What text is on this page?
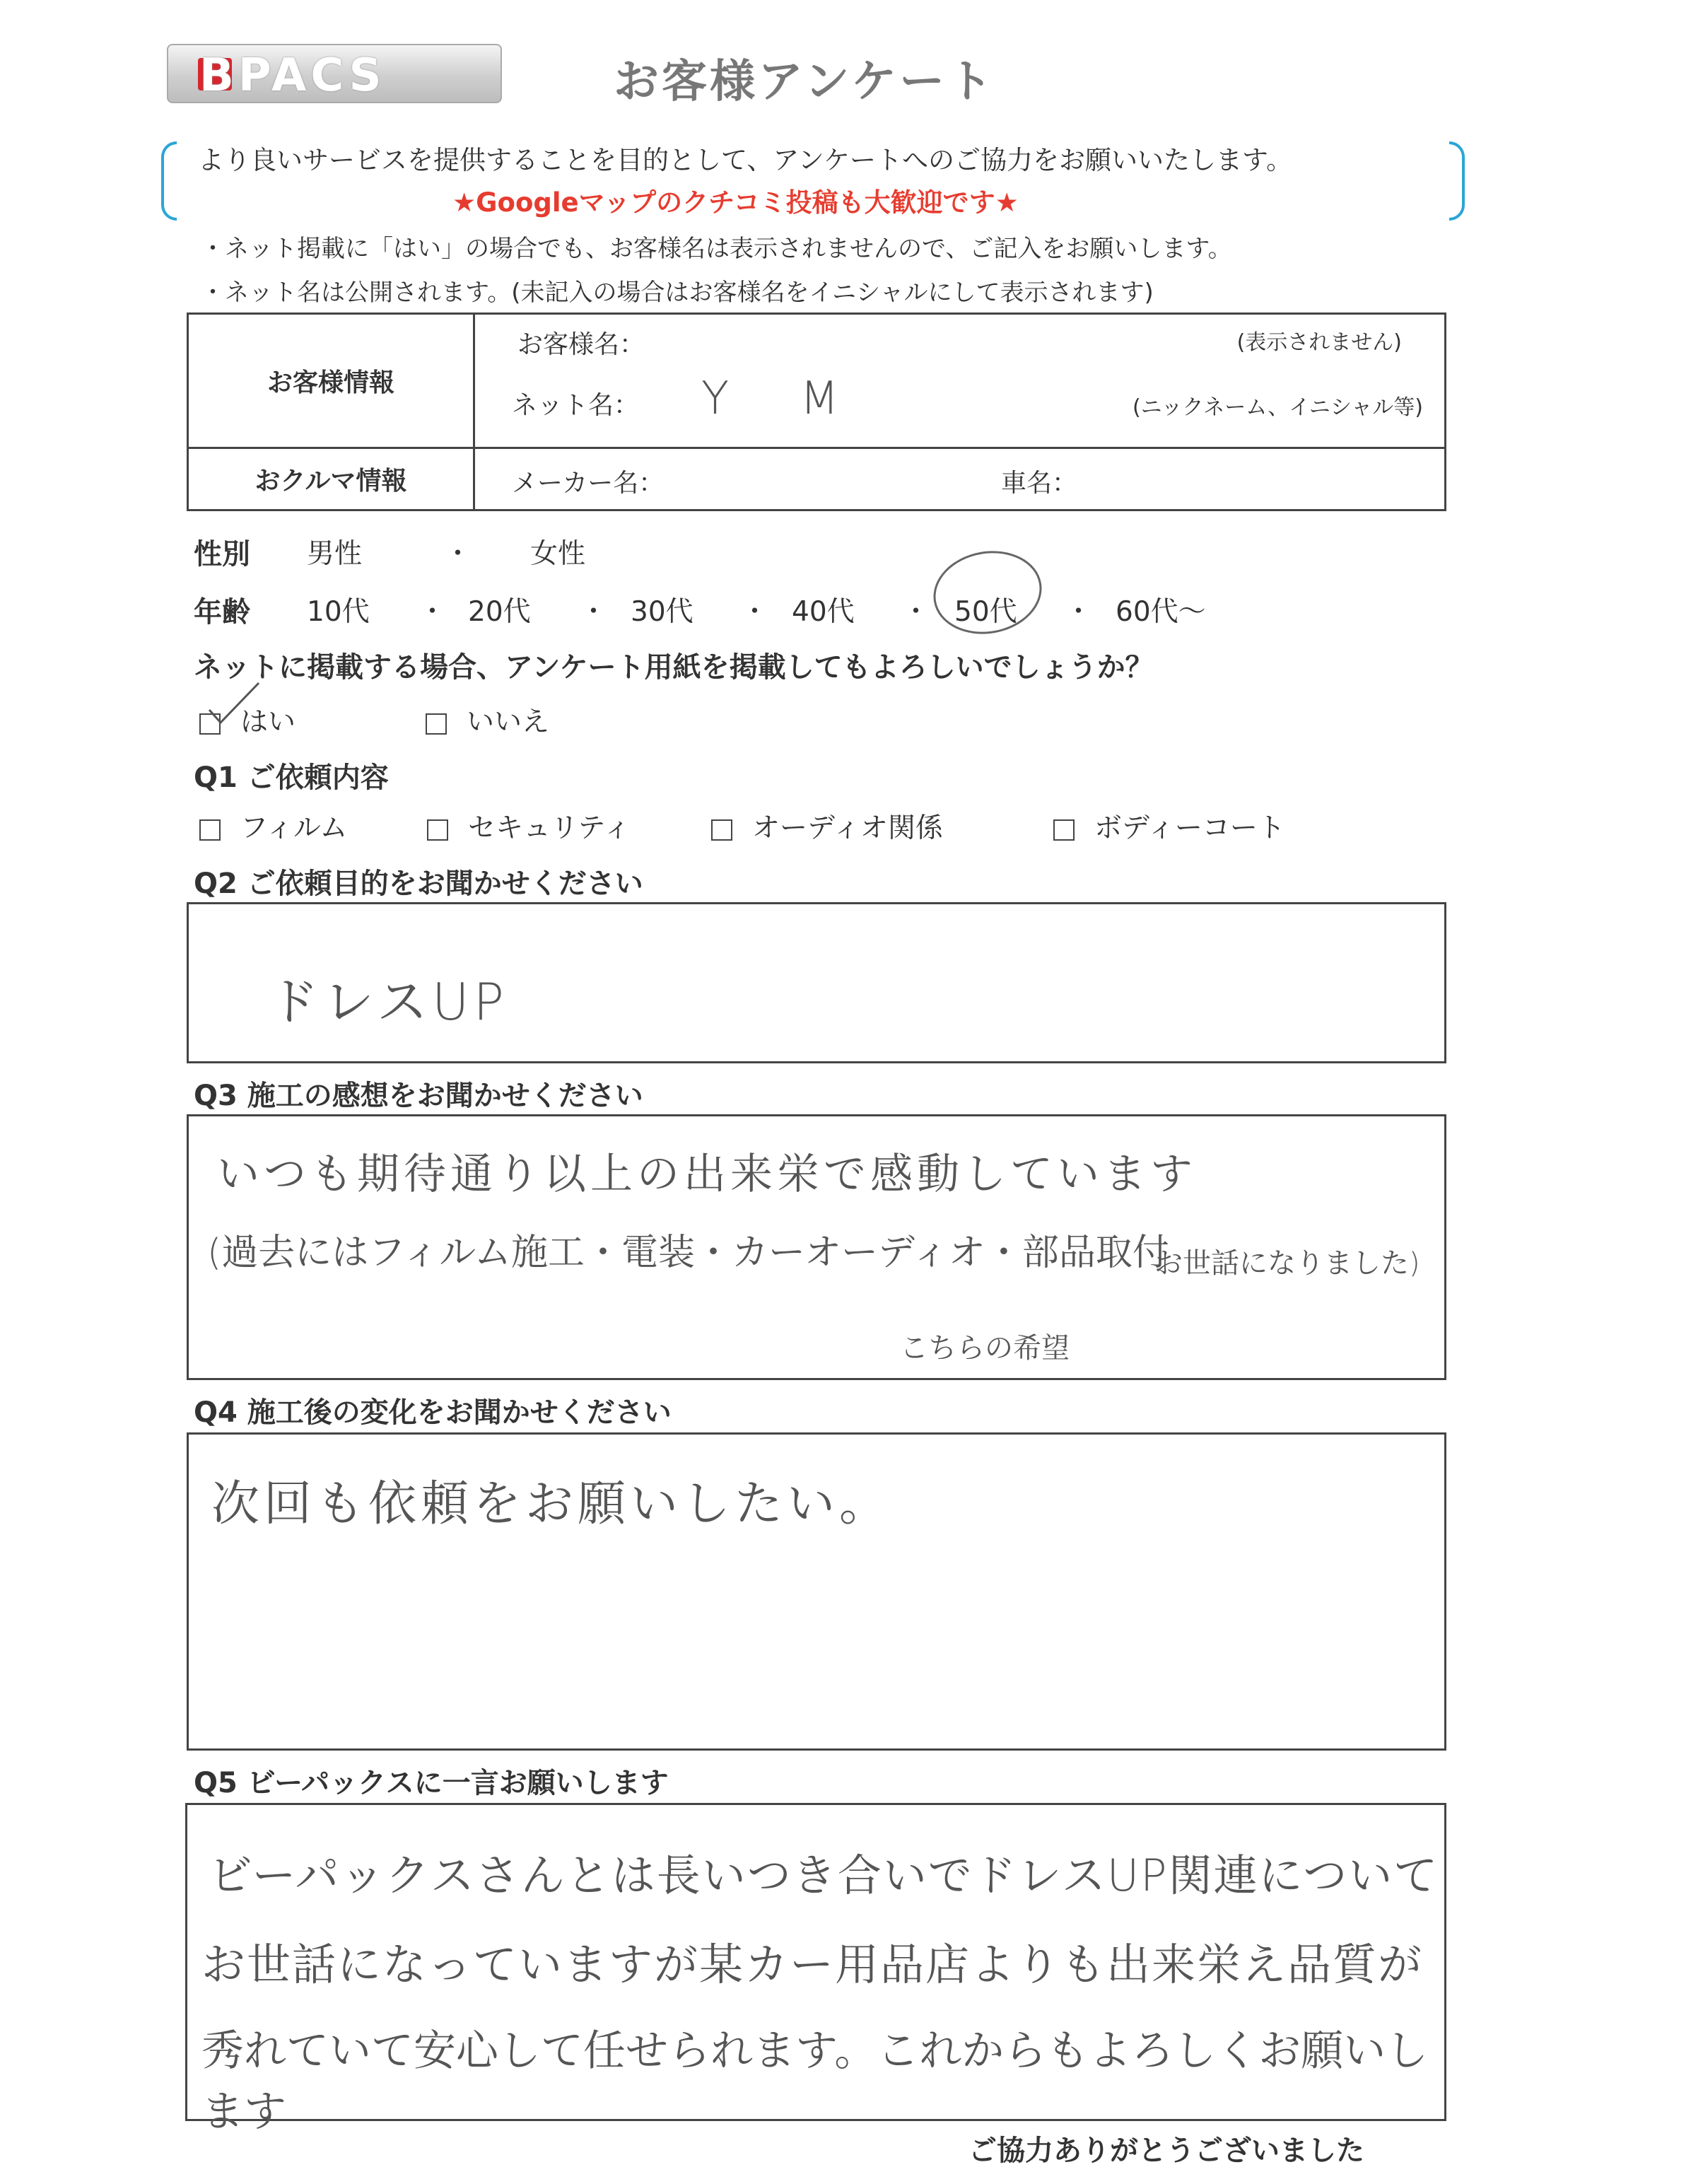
BPACS	お客様アンケート
より良いサービスを提供することを目的として、アンケートへのご協力をお願いいたします。
★Googleマップのクチコミ投稿も大歓迎です★
・ネット掲載に「はい」の場合でも、お客様名は表示されませんので、ご記入をお願いします。
・ネット名は公開されます。(未記入の場合はお客様名をイニシャルにして表示されます)
お客様情報	お客様名： (表示されません)
ネット名： Y M (ニックネーム、イニシャル等)

おクルマ情報	メーカー名： 車名：
性別 男性	・ 女性
年齢 10代 ・ 20代 ・ 30代 ・ 40代 ・ 50代 ・ 60代～
ネットに掲載する場合、アンケート用紙を掲載してもよろしいでしょうか？
はい	いいえ
Q1 ご依頼内容
フィルム	セキュリティ	オーディオ関係	ボディーコート
Q2 ご依頼目的をお聞かせください
ドレスUP
Q3 施工の感想をお聞かせください
いつも期待通り以上の出来栄で感動しています
(過去にはフィルム施工・電装・カーオーディオ・部品取付
お世話になりました)
こちらの希望
Q4 施工後の変化をお聞かせください
次回も依頼をお願いしたい。
Q5 ビーパックスに一言お願いします
ビーパックスさんとは長いつき合いでドレスUP関連について
お世話になっていますが某カー用品店よりも出来栄え品質が
秀れていて安心して任せられます。これからもよろしくお願いします
ご協力ありがとうございました
